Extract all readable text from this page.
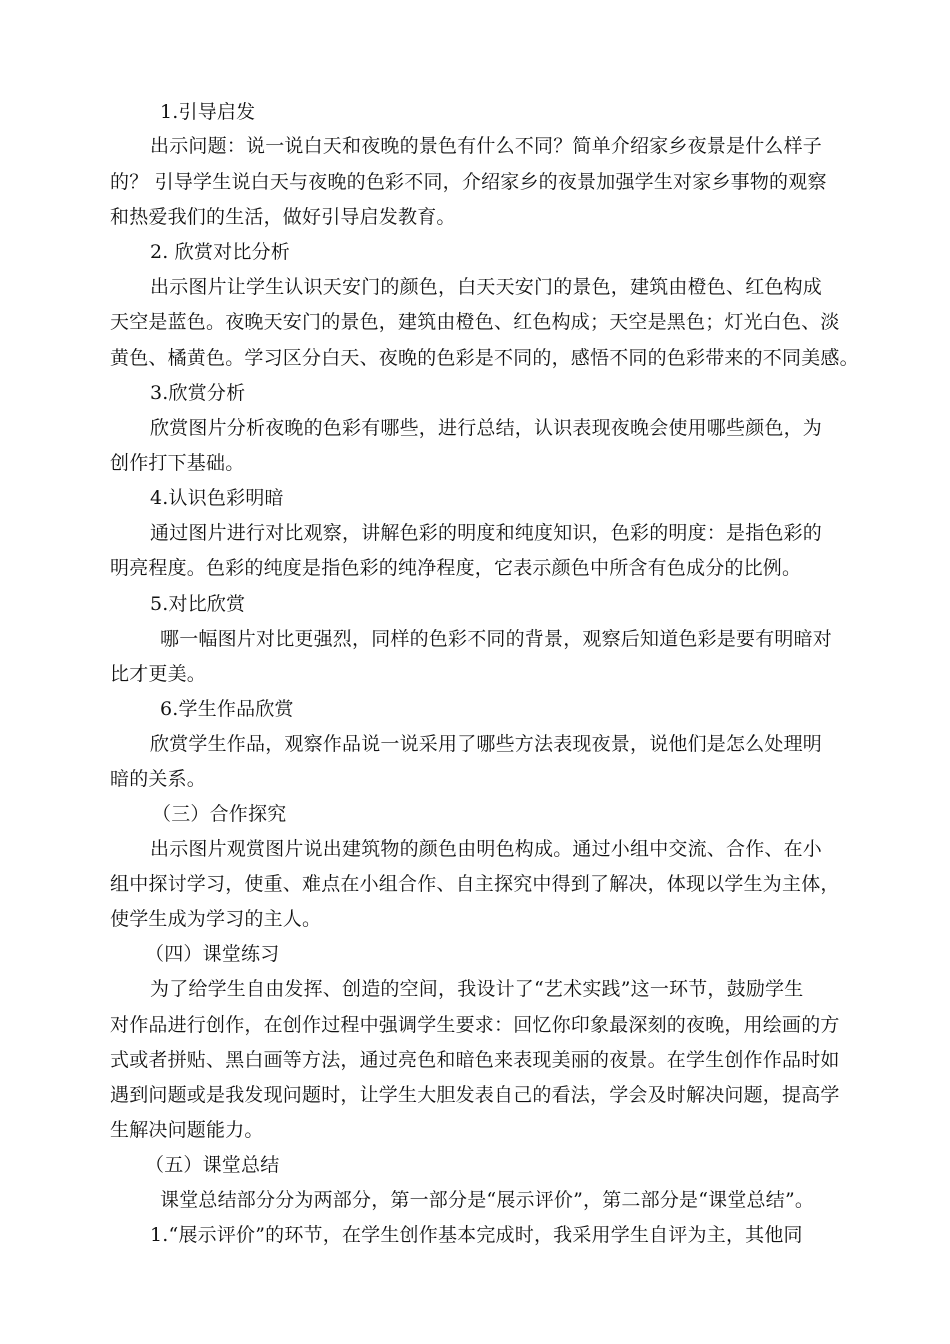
1.引导启发
出示问题：说一说白天和夜晚的景色有什么不同？简单介绍家乡夜景是什么样子
的？ 引导学生说白天与夜晚的色彩不同，介绍家乡的夜景加强学生对家乡事物的观察
和热爱我们的生活，做好引导启发教育。
2. 欣赏对比分析
出示图片让学生认识天安门的颜色，白天天安门的景色，建筑由橙色、红色构成
天空是蓝色。夜晚天安门的景色，建筑由橙色、红色构成；天空是黑色；灯光白色、淡
黄色、橘黄色。学习区分白天、夜晚的色彩是不同的，感悟不同的色彩带来的不同美感。
3.欣赏分析
欣赏图片分析夜晚的色彩有哪些，进行总结，认识表现夜晚会使用哪些颜色，为
创作打下基础。
4.认识色彩明暗
通过图片进行对比观察，讲解色彩的明度和纯度知识，色彩的明度：是指色彩的
明亮程度。色彩的纯度是指色彩的纯净程度，它表示颜色中所含有色成分的比例。
5.对比欣赏
哪一幅图片对比更强烈，同样的色彩不同的背景，观察后知道色彩是要有明暗对
比才更美。
6.学生作品欣赏
欣赏学生作品，观察作品说一说采用了哪些方法表现夜景，说他们是怎么处理明
暗的关系。
（三）合作探究
出示图片观赏图片说出建筑物的颜色由明色构成。通过小组中交流、合作、在小
组中探讨学习，使重、难点在小组合作、自主探究中得到了解决，体现以学生为主体，
使学生成为学习的主人。
（四）课堂练习
为了给学生自由发挥、创造的空间，我设计了“艺术实践”这一环节，鼓励学生
对作品进行创作，在创作过程中强调学生要求：回忆你印象最深刻的夜晚，用绘画的方
式或者拼贴、黑白画等方法，通过亮色和暗色来表现美丽的夜景。在学生创作作品时如
遇到问题或是我发现问题时，让学生大胆发表自己的看法，学会及时解决问题，提高学
生解决问题能力。
（五）课堂总结
课堂总结部分分为两部分，第一部分是“展示评价”，第二部分是“课堂总结”。
1.“展示评价”的环节，在学生创作基本完成时，我采用学生自评为主，其他同
